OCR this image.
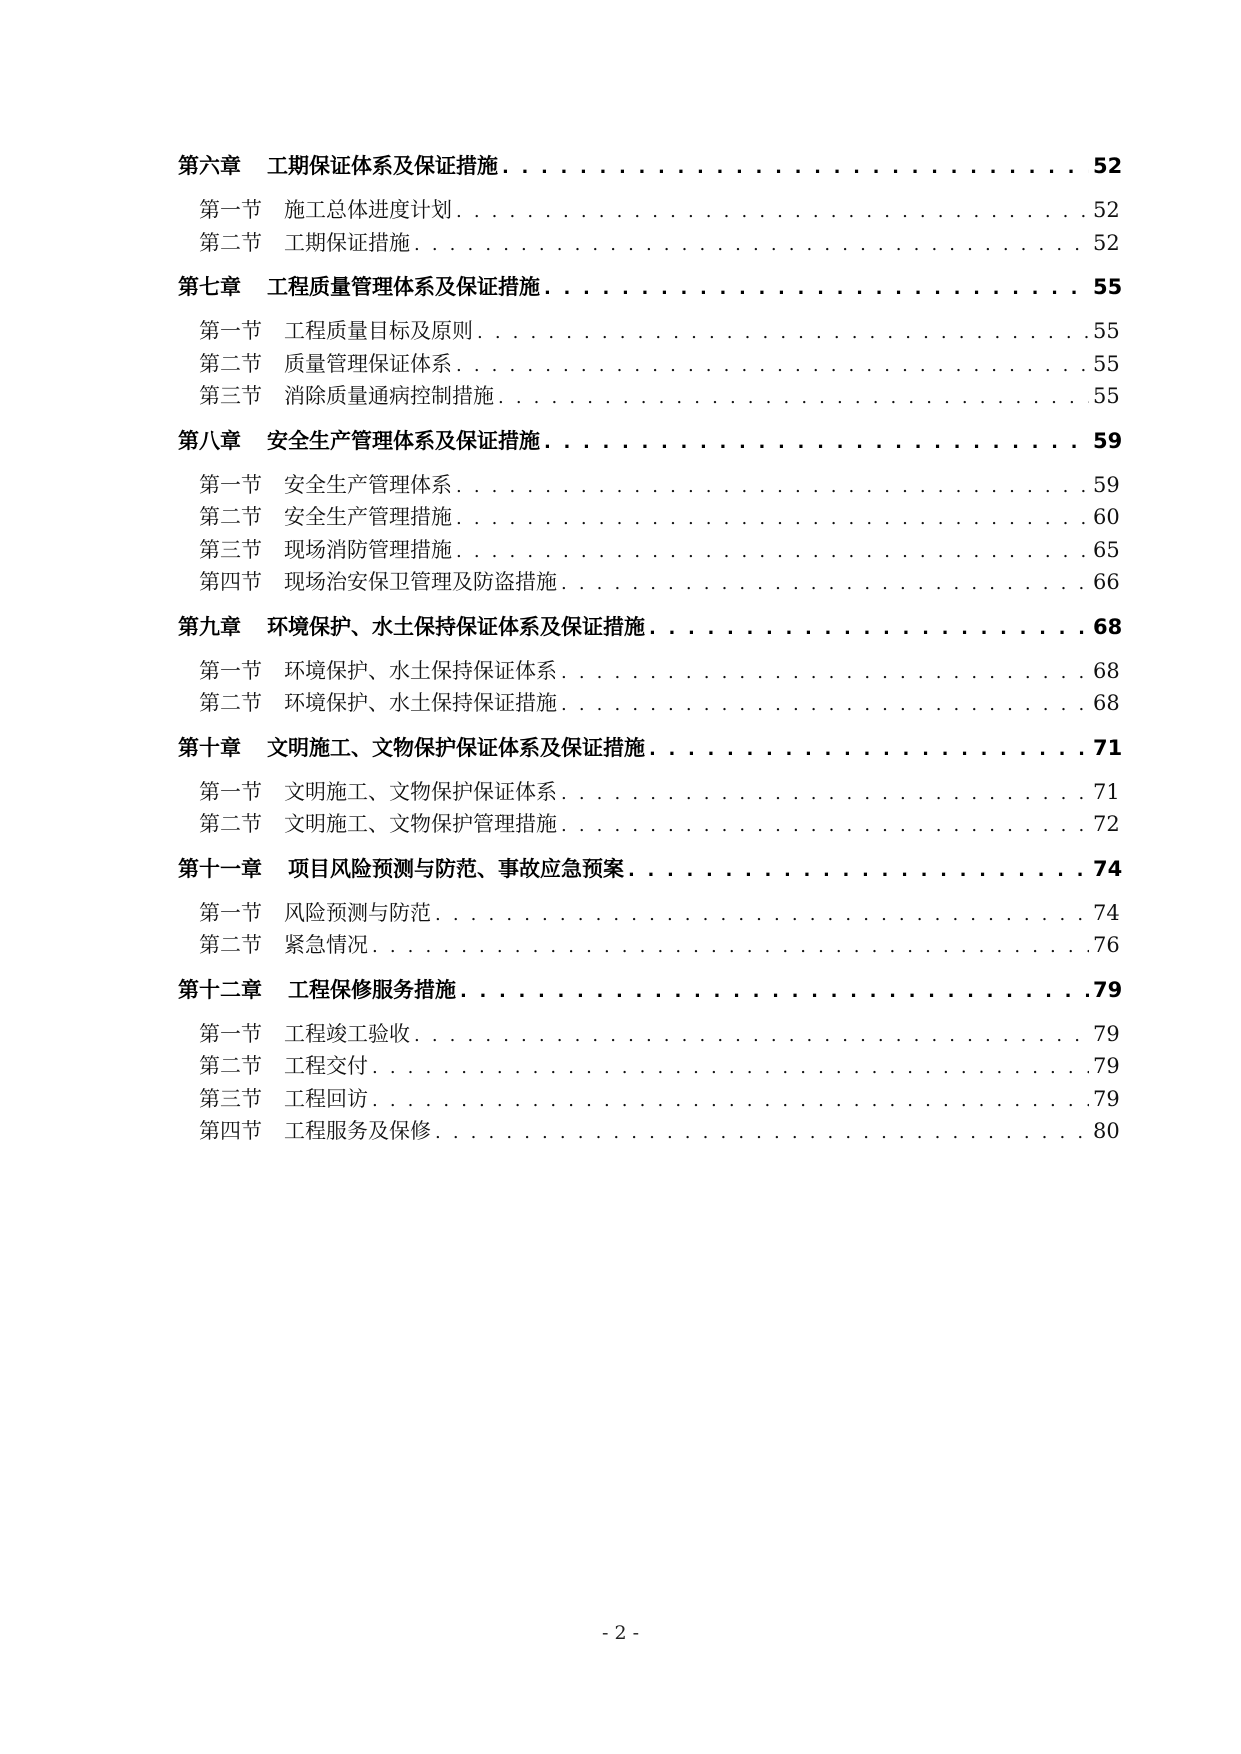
第六章 工期保证体系及保证措施 . . .	52
第一节 施工总体进度计划 . . .	52
第二节 工期保证措施 . . .	52
第七章 工程质量管理体系及保证措施 . . .	55
第一节 工程质量目标及原则 . . .	55
第二节 质量管理保证体系 . . .	55
第三节 消除质量通病控制措施 . . .	55
第八章 安全生产管理体系及保证措施 . . .	59
第一节 安全生产管理体系 . . .	59
第二节 安全生产管理措施 . . .	60
第三节 现场消防管理措施 . . .	65
第四节 现场治安保卫管理及防盗措施 . . .	66
第九章 环境保护、水土保持保证体系及保证措施 . . .	68
第一节 环境保护、水土保持保证体系 . . .	68
第二节 环境保护、水土保持保证措施 . . .	68
第十章 文明施工、文物保护保证体系及保证措施 . . .	71
第一节 文明施工、文物保护保证体系 . . .	71
第二节 文明施工、文物保护管理措施 . . .	72
第十一章 项目风险预测与防范、事故应急预案 . . .	74
第一节 风险预测与防范 . . .	74
第二节 紧急情况 . . .	76
第十二章 工程保修服务措施 . . .	79
第一节 工程竣工验收 . . .	79
第二节 工程交付 . . .	79
第三节 工程回访 . . .	79
第四节 工程服务及保修 . . .	80
- 2 -
